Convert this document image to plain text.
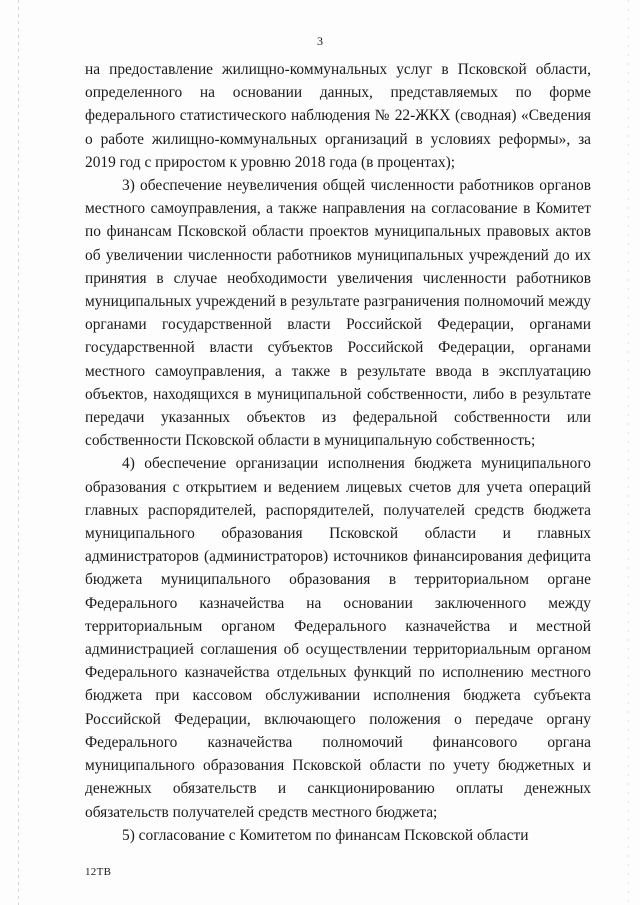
3

на предоставление жилищно-коммунальных услуг в Псковской области, определенного на основании данных, представляемых по форме федерального статистического наблюдения № 22-ЖКХ (сводная) «Сведения о работе жилищно-коммунальных организаций в условиях реформы», за 2019 год с приростом к уровню 2018 года (в процентах);

3) обеспечение неувеличения общей численности работников органов местного самоуправления, а также направления на согласование в Комитет по финансам Псковской области проектов муниципальных правовых актов об увеличении численности работников муниципальных учреждений до их принятия в случае необходимости увеличения численности работников муниципальных учреждений в результате разграничения полномочий между органами государственной власти Российской Федерации, органами государственной власти субъектов Российской Федерации, органами местного самоуправления, а также в результате ввода в эксплуатацию объектов, находящихся в муниципальной собственности, либо в результате передачи указанных объектов из федеральной собственности или собственности Псковской области в муниципальную собственность;

4) обеспечение организации исполнения бюджета муниципального образования с открытием и ведением лицевых счетов для учета операций главных распорядителей, распорядителей, получателей средств бюджета муниципального образования Псковской области и главных администраторов (администраторов) источников финансирования дефицита бюджета муниципального образования в территориальном органе Федерального казначейства на основании заключенного между территориальным органом Федерального казначейства и местной администрацией соглашения об осуществлении территориальным органом Федерального казначейства отдельных функций по исполнению местного бюджета при кассовом обслуживании исполнения бюджета субъекта Российской Федерации, включающего положения о передаче органу Федерального казначейства полномочий финансового органа муниципального образования Псковской области по учету бюджетных и денежных обязательств и санкционированию оплаты денежных обязательств получателей средств местного бюджета;

5) согласование с Комитетом по финансам Псковской области

12ТВ
